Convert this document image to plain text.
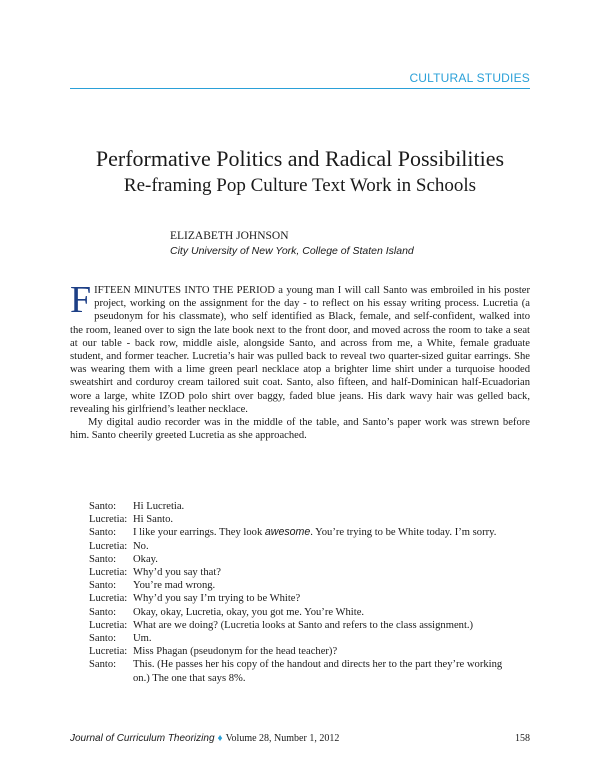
CULTURAL STUDIES
Performative Politics and Radical Possibilities
Re-framing Pop Culture Text Work in Schools
ELIZABETH JOHNSON
City University of New York, College of Staten Island

FIFTEEN MINUTES INTO THE PERIOD a young man I will call Santo was embroiled in his poster project, working on the assignment for the day - to reflect on his essay writing process. Lucretia (a pseudonym for his classmate), who self identified as Black, female, and self-confident, walked into the room, leaned over to sign the late book next to the front door, and moved across the room to take a seat at our table - back row, middle aisle, alongside Santo, and across from me, a White, female graduate student, and former teacher. Lucretia’s hair was pulled back to reveal two quarter-sized guitar earrings. She was wearing them with a lime green pearl necklace atop a brighter lime shirt under a turquoise hooded sweatshirt and corduroy cream tailored suit coat. Santo, also fifteen, and half-Dominican half-Ecuadorian wore a large, white IZOD polo shirt over baggy, faded blue jeans. His dark wavy hair was gelled back, revealing his girlfriend’s leather necklace.

My digital audio recorder was in the middle of the table, and Santo’s paper work was strewn before him. Santo cheerily greeted Lucretia as she approached.

Santo:	Hi Lucretia.
Lucretia: Hi Santo.
Santo:	I like your earrings. They look awesome. You’re trying to be White today. I’m sorry.
Lucretia: No.
Santo:	Okay.
Lucretia: Why’d you say that?
Santo:	You’re mad wrong.
Lucretia: Why’d you say I’m trying to be White?
Santo:	Okay, okay, Lucretia, okay, you got me. You’re White.
Lucretia: What are we doing? (Lucretia looks at Santo and refers to the class assignment.)
Santo:	Um.
Lucretia: Miss Phagan (pseudonym for the head teacher)?
Santo:	This. (He passes her his copy of the handout and directs her to the part they’re working on.) The one that says 8%.
Journal of Curriculum Theorizing ♦ Volume 28, Number 1, 2012	158
